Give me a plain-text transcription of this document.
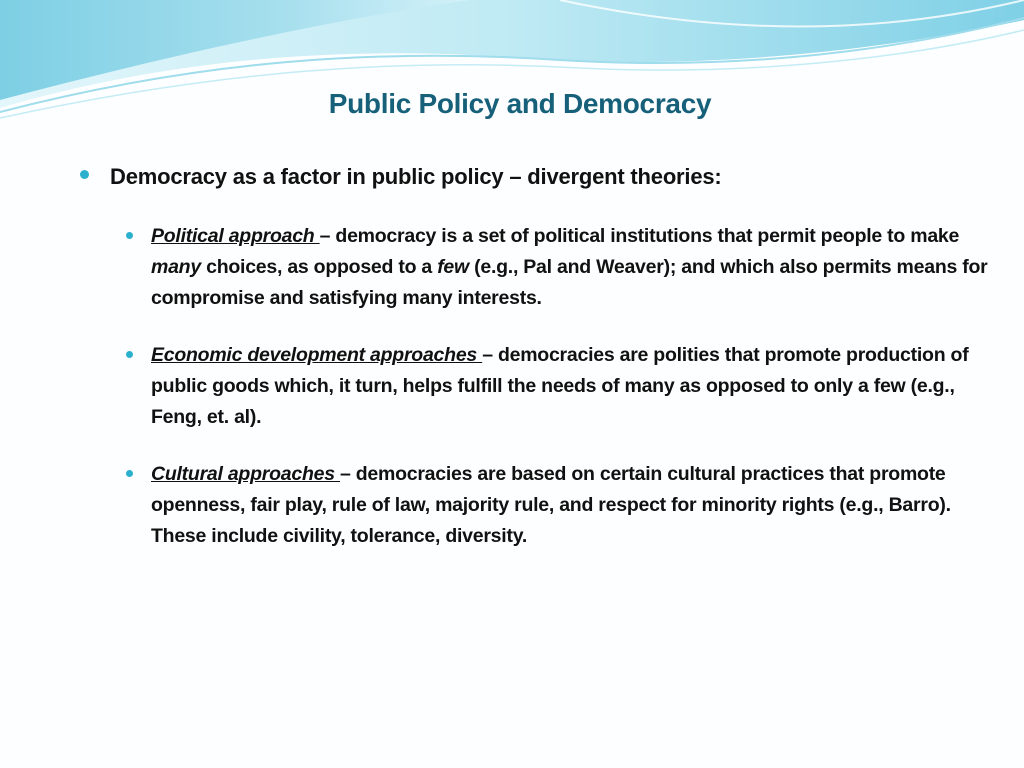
Public Policy and Democracy
Democracy as a factor in public policy – divergent theories:
Political approach – democracy is a set of political institutions that permit people to make many choices, as opposed to a few (e.g., Pal and Weaver); and which also permits means for compromise and satisfying many interests.
Economic development approaches – democracies are polities that promote production of public goods which, it turn, helps fulfill the needs of many as opposed to only a few (e.g., Feng, et. al).
Cultural approaches – democracies are based on certain cultural practices that promote openness, fair play, rule of law, majority rule, and respect for minority rights (e.g., Barro). These include civility, tolerance, diversity.
